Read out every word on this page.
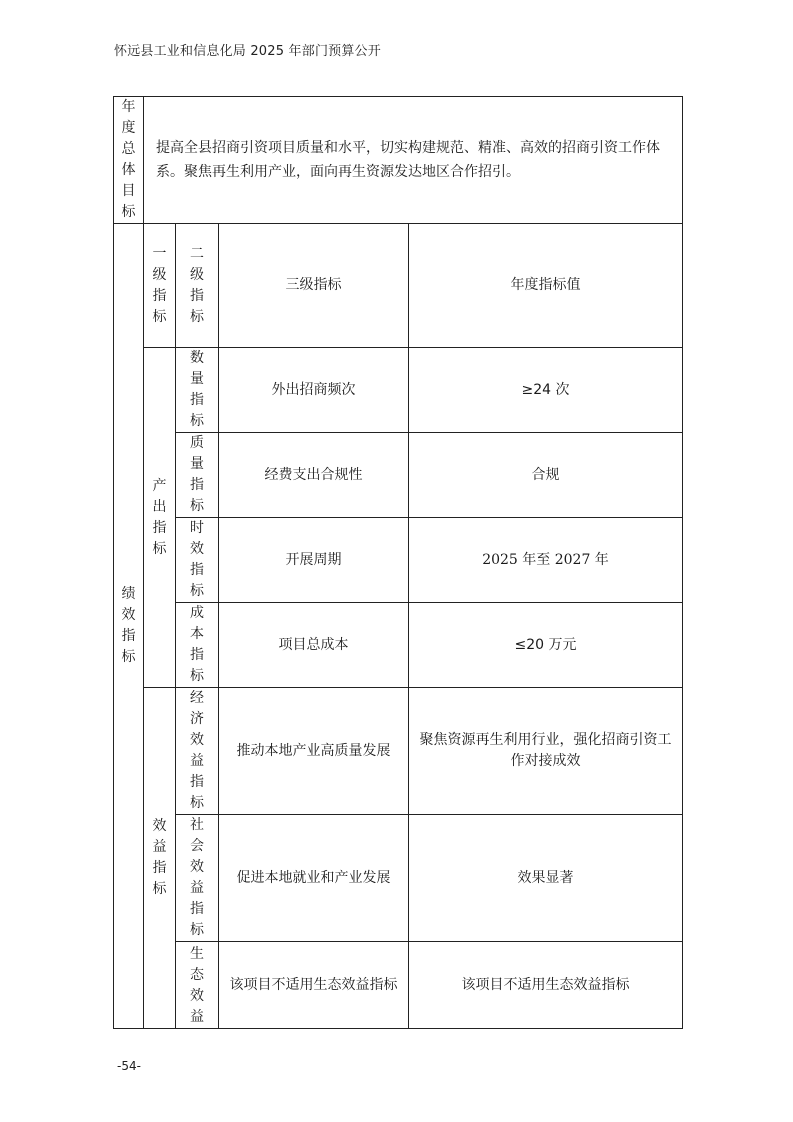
怀远县工业和信息化局 2025 年部门预算公开
年度总体目标	提高全县招商引资项目质量和水平，切实构建规范、精准、高效的招商引资工作体系。聚焦再生利用产业，面向再生资源发达地区合作招引。			
绩效指标	一级指标	二级指标	三级指标	年度指标值
	产出指标	数量指标	外出招商频次	≥24 次
		质量指标	经费支出合规性	合规
		时效指标	开展周期	2025 年至 2027 年
		成本指标	项目总成本	≤20 万元
	效益指标	经济效益指标	推动本地产业高质量发展	聚焦资源再生利用行业，强化招商引资工作对接成效
		社会效益指标	促进本地就业和产业发展	效果显著
		生态效益	该项目不适用生态效益指标	该项目不适用生态效益指标
-54-
